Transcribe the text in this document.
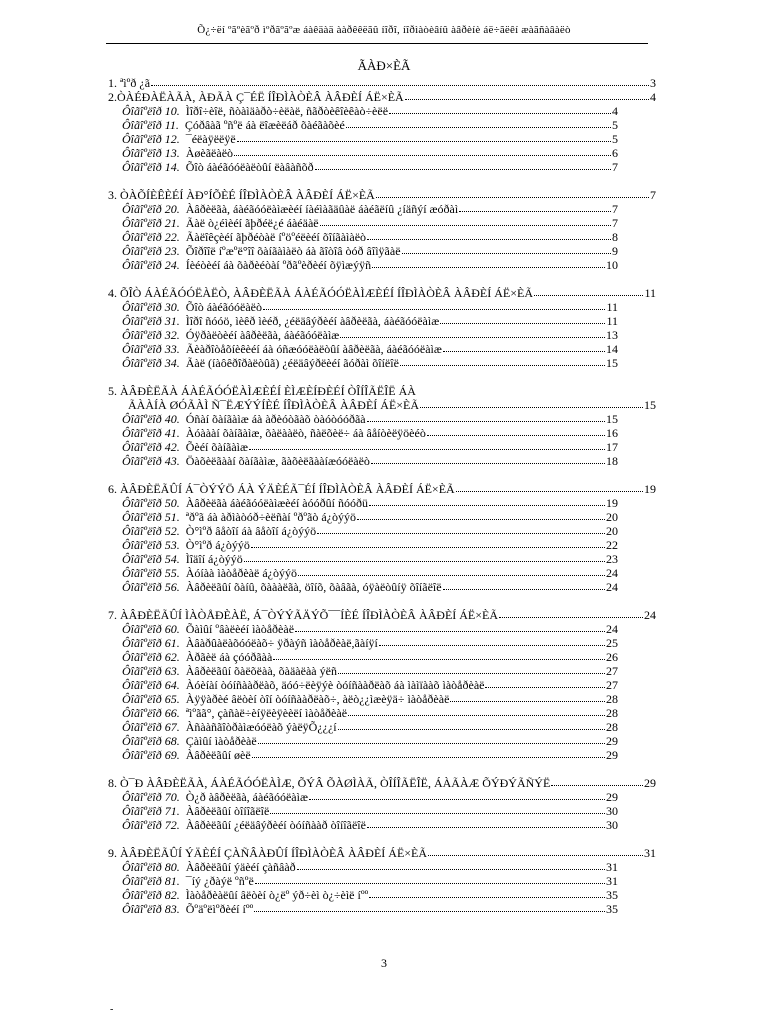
Õ¿÷ëí ºãºèãºð ìºðãºãºæ áàêäàä ààðêêëãû íîðî, íîðìàòèâíû àâðèíè áë÷ãëêí æàãñàâàëò
ÃÀÐ×ÈÃ
1. ªìºð ¿ã	3
2.ÒÀÉÐÀËÀÃÀ, ÀÐÃÀ Ç¯ÉË ÍÎÐÌÀÒÈÂ ÀÂÐÈÍ ÁË×ÈÃ	4
Ôîãîºëîð 10. Ìîðî÷èîë, ñòàìäàðò÷èëàë, ñãðòèêîèêàò÷èëë	4
Ôîãîºëîð 11. Çóðâàã ºñºë áà ëîæèëáð õàéãàõèé	5
Ôîãîºëîð 12. ¯éëàÿëëÿë	5
Ôîãîºëîð 13. Àøèãëàëò	6
Ôîãîºëîð 14. Õîò áàéãóóëàëòûí ëàâàñõð	7
3. ÒÀÕÍÈÊÈÉÍ ÀÐ°ÍÕÈÉ ÍÎÐÌÀÒÈÂ ÀÂÐÈÍ ÁË×ÈÃ	7
Ôîãîºëîð 20. Àâðèëãà, áàéãóóëàìæèéí íàéìàãäûàë áàéãëíû ¿íäñýí æóðàì	7
Ôîãîºëîð 21. Ãàë ò¿éìèéí ãþðéë¿é áàéäàë	7
Ôîãîºëîð 22. Ãàëîêçèéí ãþðéòàë íºöºéëèéí õîíãàìàëò	8
Ôîãîºëîð 23. Õîðîîë íºæºë°îî õàíãàìàëò áà ãîòîâ òóð âîìÿãàë	9
Ôîãîºëîð 24. Íèéòèéí áà õàðèéòàí ºðãºèðèéí õÿìæýÿñ	10
4. ÕÎÒ ÁÀÉÃÓÓËÀËÒ, ÀÂÐÈËÃÀ ÁÀÉÃÓÓËÀÌÆÈÉÍ ÍÎÐÌÀÒÈÂ ÀÂÐÈÍ ÁË×ÈÃ	11
Ôîãîºëîð 30. Õîò áàéãóóëàëò	11
Ôîãîºëîð 31. Ìîðî ñóóö, ìèêð ìèéð, ¿éëäâýðèéí àâðèëãà, áàéãóóëàìæ	11
Ôîãîºëîð 32. Óÿðàëòèéí àâðèëãà, áàéãóóëàìæ	13
Ôîãîºëîð 33. Ãèàðîòåõíèêèéí áà óñæóóëàëòûí àâðèëãà, áàéãóóëàìæ	14
Ôîãîºëîð 34. Ãàë (íàôêðîðàëòûã) ¿éëäâýðëèéí ãóðàì õîíëîë	15
5. ÀÂÐÈËÃÀ ÁÀÉÃÓÓËÀÌÆÈÉÍ ÈÌÆÈÍÐÈÉÍ ÒÎÍÎÃËÎË ÁÀ
ÃÀÀÍÀ ØÓÃÀÌ Ñ¯ËÆÝÝÍÈÉ ÍÎÐÌÀÒÈÂ ÀÂÐÈÍ ÁË×ÈÃ	15
Ôîãîºëîð 40. Óñàí õàíãàìæ áà àðèóòãàõ òàóòóóðãà	15
Ôîãîºëîð 41. Àóàààí õàíãàìæ, õàëààëò, ñàëõèë÷ áà âåíòèëÿöèéò	16
Ôîãîºëîð 42. Õèéí õàíãàìæ	17
Ôîãîºëîð 43. Öàõèëãààí õàíãàìæ, ãàõèëãààíæóóëàëò	18
6. ÀÂÐÈËÃÛÍ Á¯ÒÝÝÖ ÁÀ ÝÄÈÉÃ¯ÉÍ ÍÎÐÌÀÒÈÂ ÀÂÐÈÍ ÁË×ÈÃ	19
Ôîãîºëîð 50. Àâðèëãà áàéãóóëàìæèéí àóóðûí ñóóðü	19
Ôîãîºëîð 51. ªðºã áà àðìàòóð÷èëñàí ºðºãò á¿òýýö	20
Ôîãîºëîð 52. Ò°ìºð âåòîí áà âåòîí á¿òýýö	20
Ôîãîºëîð 53. Ò°ìºð á¿òýýö	22
Ôîãîºëîð 54. Ìîäîí á¿òýýö	23
Ôîãîºëîð 55. Àóíàà ìàòåðèàë á¿òýýö	24
Ôîãîºëîð 56. Àâðèëãûí õàíû, õàààëãà, öîíõ, õàâãà, óÿàëòûíÿ õîíãëîë	24
7. ÀÂÐÈËÃÛÍ ÌÀÒÅÐÈÀË, Á¯ÒÝÝÃÄÝÕ¯¯ÍÈÉ ÍÎÐÌÀÒÈÂ ÀÂÐÈÍ ÁË×ÈÃ	24
Ôîãîºëîð 60. Õàìûí ºâàëèéí ìàòåðèàë	24
Ôîãîºëîð 61. Àâàðûàëàõóóëàõ÷ ÿðàýñ ìàòåðèàë,ãàíÿí	25
Ôîãîºëîð 62. Àðãèë áà çóóðãàà	26
Ôîãîºëîð 63. Àâðèëãûí õàëõëàà, õàäàëàà ýëñ	27
Ôîãîºëîð 64. Àóèíàí òóíñààðëàõ, äóó÷ëèÿýè òóíñààðëàõ áà ìàìïààõ ìàòåðèàë	27
Ôîãîºëîð 65. Àÿÿàðèé âëòèí òîí òóíñààðëàõ÷, àëò¿¿ìæèÿä÷ ìàòåðèàë	28
Ôîãîºëîð 66. ªìºãã°, çàñàë÷èíÿëèÿèèëí ìàòåðèàë	28
Ôîãîºëîð 67. Àñààñãîòðàìæóóëàõ ýàëÿÕ¿¿¿í	28
Ôîãîºëîð 68. Çàìûí ìàòåðèàë	29
Ôîãîºëîð 69. Àâðèëãûí øèë	29
8. Ò¯Ð ÀÂÐÈËÃÀ, ÁÀÉÃÓÓËÀÌÆ, ÕÝÂ ÕÀØÌÀÃ, ÒÎÍÎÃËÎË, ÁÀÃÀÆ ÕÝÐÝÃÑÝË	29
Ôîãîºëîð 70. Ò¿ð àâðèëãà, áàéãóóëàìæ	29
Ôîãîºëîð 71. Àâðèëãûí òîíîãëîë	30
Ôîãîºëîð 72. Àâðèëãûí ¿éëäâýðèéí òóíñààð òîíîãëîë	30
9. ÀÂÐÈËÃÛÍ ÝÄÈÉÍ ÇÀÑÂÀÐÛÍ ÍÎÐÌÀÒÈÂ ÀÂÐÈÍ ÁË×ÈÃ	31
Ôîãîºëîð 80. Àâðèëãûí ýäèéí çàñâàð	31
Ôîãîºëîð 81. ¯íý ¿ðàýë ºñºë	31
Ôîãîºëîð 82. Ìàòåðèàëûí âëòèí ò¿ëº ýð÷èì ò¿÷èìë íºº	35
Ôîãîºëîð 83. Õºäºëìºðèéí íºº	35
3
-
